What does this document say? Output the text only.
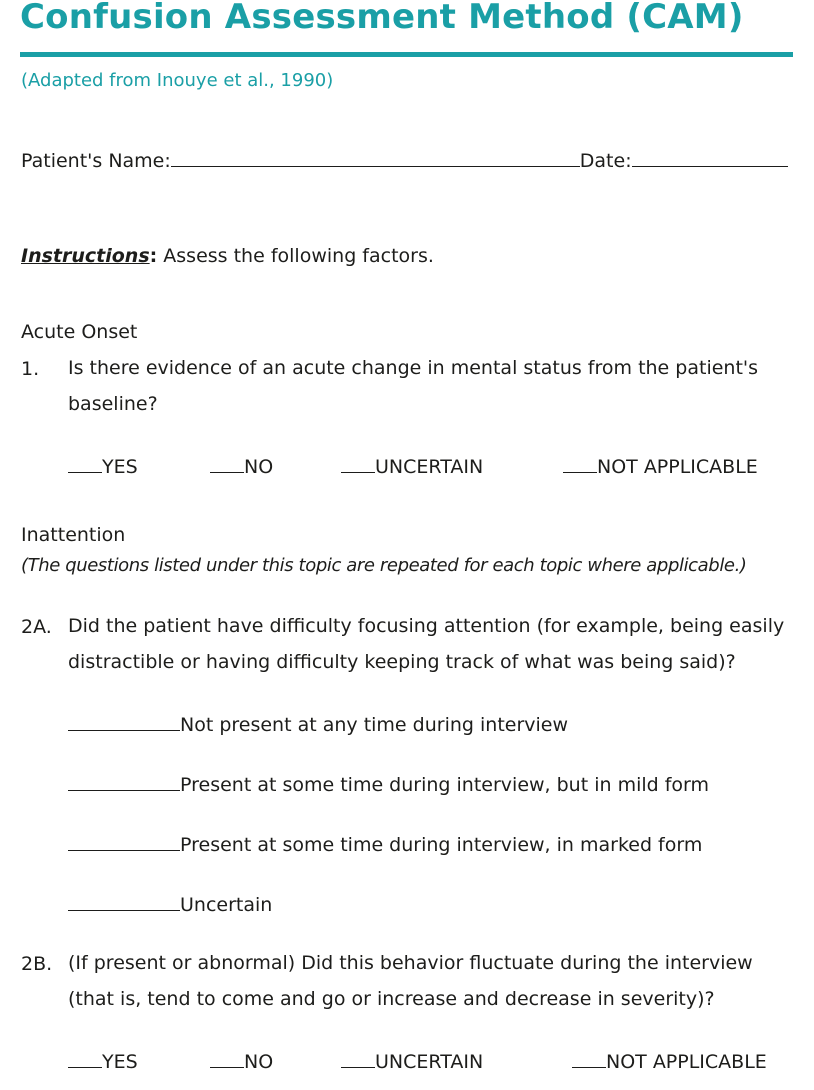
Confusion Assessment Method (CAM)
(Adapted from Inouye et al., 1990)
Patient's Name:	Date:
Instructions: Assess the following factors.
Acute Onset
1. Is there evidence of an acute change in mental status from the patient's baseline?
YES	NO	UNCERTAIN	NOT APPLICABLE
Inattention
(The questions listed under this topic are repeated for each topic where applicable.)
2A. Did the patient have difficulty focusing attention (for example, being easily distractible or having difficulty keeping track of what was being said)?
Not present at any time during interview
Present at some time during interview, but in mild form
Present at some time during interview, in marked form
Uncertain
2B. (If present or abnormal) Did this behavior fluctuate during the interview (that is, tend to come and go or increase and decrease in severity)?
YES	NO	UNCERTAIN	NOT APPLICABLE
